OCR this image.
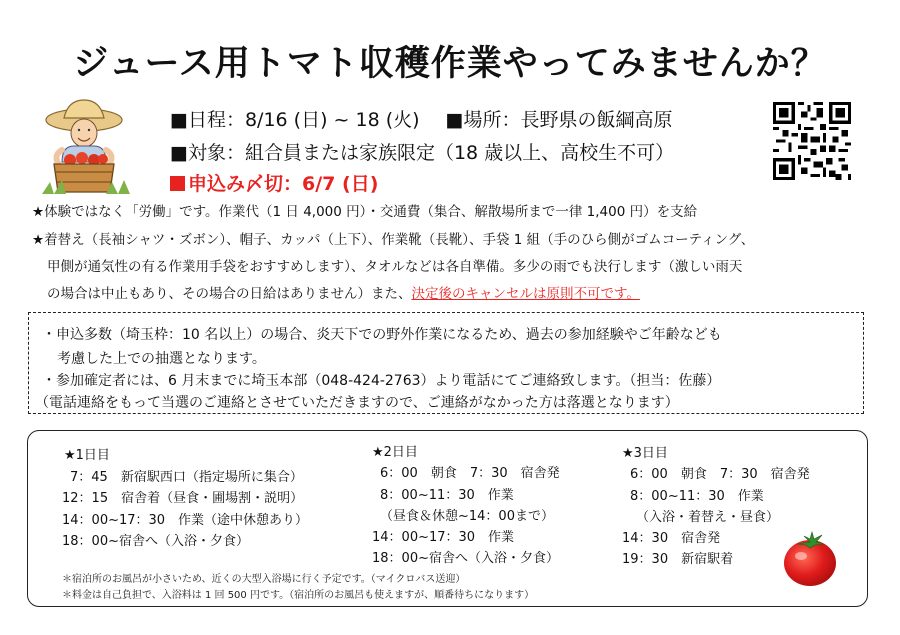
ジュース用トマト収穫作業やってみませんか？
■日程：8/16 (日) ~ 18 (火) ■場所：長野県の飯綱高原
■対象：組合員または家族限定（18 歳以上、高校生不可）
申込み〆切：6/7 (日)
★体験ではなく「労働」です。作業代（1 日 4,000 円）・交通費（集合、解散場所まで一律 1,400 円）を支給
★着替え（長袖シャツ・ズボン）、帽子、カッパ（上下）、作業靴（長靴）、手袋 1 組（手のひら側がゴムコーティング、
甲側が通気性の有る作業用手袋をおすすめします）、タオルなどは各自準備。多少の雨でも決行します（激しい雨天
の場合は中止もあり、その場合の日給はありません）また、決定後のキャンセルは原則不可です。
・申込多数（埼玉枠：10 名以上）の場合、炎天下での野外作業になるため、過去の参加経験やご年齢なども
考慮した上での抽選となります。
・参加確定者には、6 月末までに埼玉本部（048-424-2763）より電話にてご連絡致します。（担当：佐藤）
（電話連絡をもって当選のご連絡とさせていただきますので、ご連絡がなかった方は落選となります）
★1日目
7：45　新宿駅西口（指定場所に集合）
12：15　宿舎着（昼食・圃場割・説明）
14：00~17：30　作業（途中休憩あり）
18：00~宿舎へ（入浴・夕食）
★2日目
6：00　朝食　7：30　宿舎発
8：00~11：30　作業
（昼食＆休憩~14：00まで）
14：00~17：30　作業
18：00~宿舎へ（入浴・夕食）
★3日目
6：00　朝食　7：30　宿舎発
8：00~11：30　作業
（入浴・着替え・昼食）
14：30　宿舎発
19：30　新宿駅着
＊宿泊所のお風呂が小さいため、近くの大型入浴場に行く予定です。（マイクロバス送迎）
＊料金は自己負担で、入浴料は 1 回 500 円です。（宿泊所のお風呂も使えますが、順番待ちになります）
